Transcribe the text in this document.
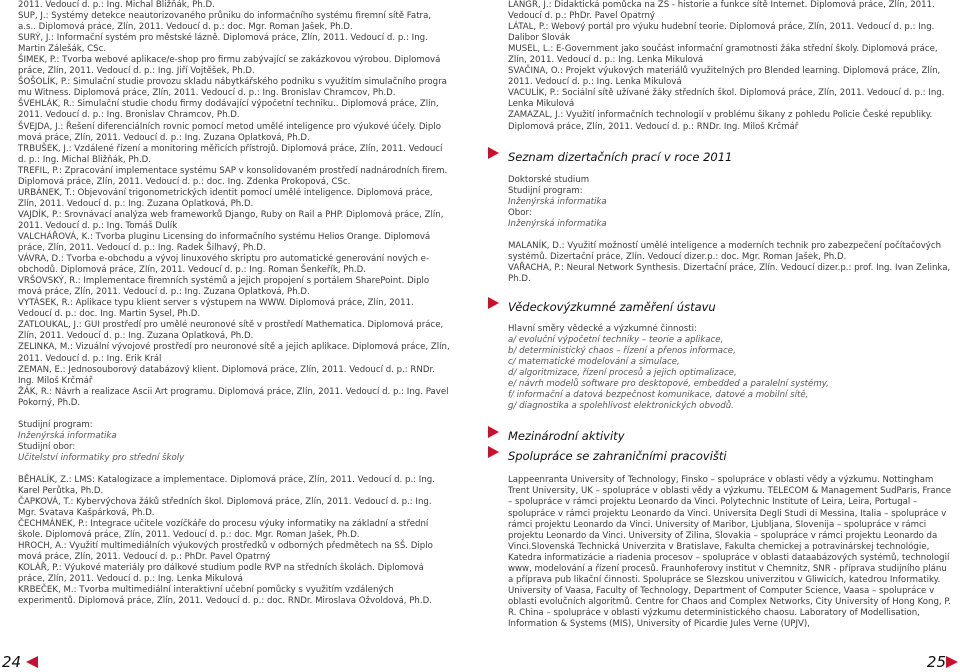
2011. Vedoucí d. p.: Ing. Michal Bližňák, Ph.D.

SUP, J.: Systémy detekce neautorizovaného průniku do informačního systému firemní sítě Fatra, a.s.. Diplomová práce, Zlín, 2011. Vedoucí d. p.: doc. Mgr. Roman Jašek, Ph.D.

SURÝ, J.: Informační systém pro městské lázně. Diplomová práce, Zlín, 2011. Vedoucí d. p.: Ing. Martin Zálešák, CSc.

ŠIMEK, P.: Tvorba webové aplikace/e-shop pro firmu zabývající se zakázkovou výrobou. Diplomová práce, Zlín, 2011. Vedoucí d. p.: Ing. Jiří Vojtěšek, Ph.D.

ŠOŠOLÍK, P.: Simulační studie provozu skladu nábytkářského podniku s využitím simulačního progra mu Witness. Diplomová práce, Zlín, 2011. Vedoucí d. p.: Ing. Bronislav Chramcov, Ph.D.

ŠVEHLÁK, R.: Simulační studie chodu firmy dodávající výpočetní techniku.. Diplomová práce, Zlín, 2011. Vedoucí d. p.: Ing. Bronislav Chramcov, Ph.D.

ŠVEJDA, J.: Řešení diferenciálních rovnic pomocí metod umělé inteligence pro výukové účely. Diplo mová práce, Zlín, 2011. Vedoucí d. p.: Ing. Zuzana Oplatková, Ph.D.

TRBUŠEK, J.: Vzdálené řízení a monitoring měřicích přístrojů. Diplomová práce, Zlín, 2011. Vedoucí d. p.: Ing. Michal Bližňák, Ph.D.

TREFIL, P.: Zpracování implementace systému SAP v konsolidovaném prostředí nadnárodních firem. Diplomová práce, Zlín, 2011. Vedoucí d. p.: doc. Ing. Zdenka Prokopová, CSc.

URBÁNEK, T.: Objevování trigonometrických identit pomocí umělé inteligence. Diplomová práce, Zlín, 2011. Vedoucí d. p.: Ing. Zuzana Oplatková, Ph.D.

VAJDÍK, P.: Srovnávací analýza web frameworků Django, Ruby on Rail a PHP. Diplomová práce, Zlín, 2011. Vedoucí d. p.: Ing. Tomáš Dulík

VALCHÁŘOVÁ, K.: Tvorba pluginu Licensing do informačního systému Helios Orange. Diplomová práce, Zlín, 2011. Vedoucí d. p.: Ing. Radek Šilhavý, Ph.D.

VÁVRA, D.: Tvorba e-obchodu a vývoj linuxového skriptu pro automatické generování nových e-obchodů. Diplomová práce, Zlín, 2011. Vedoucí d. p.: Ing. Roman Šenkeřík, Ph.D.

VRŠOVSKÝ, R.: Implementace firemních systémů a jejich propojení s portálem SharePoint. Diplo mová práce, Zlín, 2011. Vedoucí d. p.: Ing. Zuzana Oplatková, Ph.D.

VYTÁSEK, R.: Aplikace typu klient server s výstupem na WWW. Diplomová práce, Zlín, 2011. Vedoucí d. p.: doc. Ing. Martin Sysel, Ph.D.

ZATLOUKAL, J.: GUI prostředí pro umělé neuronové sítě v prostředí Mathematica. Diplomová práce, Zlín, 2011. Vedoucí d. p.: Ing. Zuzana Oplatková, Ph.D.

ZELINKA, M.: Vizuální vývojové prostředí pro neuronové sítě a jejich aplikace. Diplomová práce, Zlín, 2011. Vedoucí d. p.: Ing. Erik Král

ZEMAN, E.: Jednosouborový databázový klient. Diplomová práce, Zlín, 2011. Vedoucí d. p.: RNDr. Ing. Miloš Krčmář

ŽÁK, R.: Návrh a realizace Ascii Art programu. Diplomová práce, Zlín, 2011. Vedoucí d. p.: Ing. Pavel Pokorný, Ph.D.

Studijní program:
Inženýrská informatika
Studijní obor:
Učitelství informatiky pro střední školy

BĚHALÍK, Z.: LMS: Katalogizace a implementace. Diplomová práce, Zlín, 2011. Vedoucí d. p.: Ing. Karel Perůtka, Ph.D.

ČAPKOVÁ, T.: Kybervýchova žáků středních škol. Diplomová práce, Zlín, 2011. Vedoucí d. p.: Ing. Mgr. Svatava Kašpárková, Ph.D.

ČECHMÁNEK, P.: Integrace učitele vozíčkáře do procesu výuky informatiky na základní a střední škole. Diplomová práce, Zlín, 2011. Vedoucí d. p.: doc. Mgr. Roman Jašek, Ph.D.

HROCH, A.: Využití multimediálních výukových prostředků v odborných předmětech na SŠ. Diplo mová práce, Zlín, 2011. Vedoucí d. p.: PhDr. Pavel Opatrný

KOLÁŘ, P.: Výukové materiály pro dálkové studium podle RVP na středních školách. Diplomová práce, Zlín, 2011. Vedoucí d. p.: Ing. Lenka Mikulová

KRBEČEK, M.: Tvorba multimediální interaktivní učební pomůcky s využitím vzdálených experimentů. Diplomová práce, Zlín, 2011. Vedoucí d. p.: doc. RNDr. Miroslava Ožvoldová, Ph.D.

24

LANGR, J.: Didaktická pomůcka na ZŠ - historie a funkce sítě Internet. Diplomová práce, Zlín, 2011. Vedoucí d. p.: PhDr. Pavel Opatrný

LÁTAL, P.: Webový portál pro výuku hudební teorie. Diplomová práce, Zlín, 2011. Vedoucí d. p.: Ing. Dalibor Slovák

MUSEL, L.: E-Government jako součást informační gramotnosti žáka střední školy. Diplomová práce, Zlín, 2011. Vedoucí d. p.: Ing. Lenka Mikulová

SVAČINA, O.: Projekt výukových materiálů využitelných pro Blended learning. Diplomová práce, Zlín, 2011. Vedoucí d. p.: Ing. Lenka Mikulová

VACULÍK, P.: Sociální sítě užívané žáky středních škol. Diplomová práce, Zlín, 2011. Vedoucí d. p.: Ing. Lenka Mikulová

ZAMAZAL, J.: Využití informačních technologií v problému šikany z pohledu Policie České republiky. Diplomová práce, Zlín, 2011. Vedoucí d. p.: RNDr. Ing. Miloš Krčmář

Seznam dizertačních prací v roce 2011
Doktorské studium
Studijní program:
Inženýrská informatika
Obor:
Inženýrská informatika

MALANÍK, D.: Využití možností umělé inteligence a moderních technik pro zabezpečení počítačových systémů. Dizertační práce, Zlín. Vedoucí dizer.p.: doc. Mgr. Roman Jašek, Ph.D.

VAŘACHA, P.: Neural Network Synthesis. Dizertační práce, Zlín. Vedoucí dizer.p.: prof. Ing. Ivan Zelinka, Ph.D.

Vědeckovýzkumné zaměření ústavu
Hlavní směry vědecké a výzkumné činnosti:

a/ evoluční výpočetní techniky – teorie a aplikace,

b/ deterministický chaos – řízení a přenos informace,

c/ matematické modelování a simulace,

d/ algoritmizace, řízení procesů a jejich optimalizace,

e/ návrh modelů software pro desktopové, embedded a paralelní systémy,

f/ informační a datová bezpečnost komunikace, datové a mobilní sítě,

g/ diagnostika a spolehlivost elektronických obvodů.

Mezinárodní aktivity
Spolupráce se zahraničními pracovišti

Lappeenranta University of Technology, Finsko – spolupráce v oblasti vědy a výzkumu. Nottingham Trent University, UK – spolupráce v oblasti vědy a výzkumu. TELECOM & Management SudParis, France – spolupráce v rámci projektu Leonardo da Vinci. Polytechnic Institute of Leira, Leira, Portugal – spolupráce v rámci projektu Leonardo da Vinci. Universita Degli Studi di Messina, Italia – spolupráce v rámci projektu Leonardo da Vinci. University of Maribor, Ljubljana, Slovenija – spolupráce v rámci projektu Leonardo da Vinci. University of Zilina, Slovakia – spolupráce v rámci projektu Leonardo da Vinci.Slovenská Technická Univerzita v Bratislave, Fakulta chemickej a potravinárskej technológie, Katedra informatizácie a riadenia procesov – spolupráce v oblasti dataabázových systémů, technologií www, modelování a řízení procesů. Fraunhoferovy institut v Chemnitz, SNR - příprava studijního plánu a příprava pub likační činnosti. Spolupráce se Slezskou univerzitou v Gliwicích, katedrou Informatiky. University of Vaasa, Faculty of Technology, Department of Computer Science, Vaasa – spolupráce v oblasti evolučních algoritmů. Centre for Chaos and Complex Networks, City University of Hong Kong, P. R. China – spolupráce v oblasti výzkumu deterministického chaosu. Laboratory of Modellisation, Information & Systems (MIS), University of Picardie Jules Verne (UPJV),

25
